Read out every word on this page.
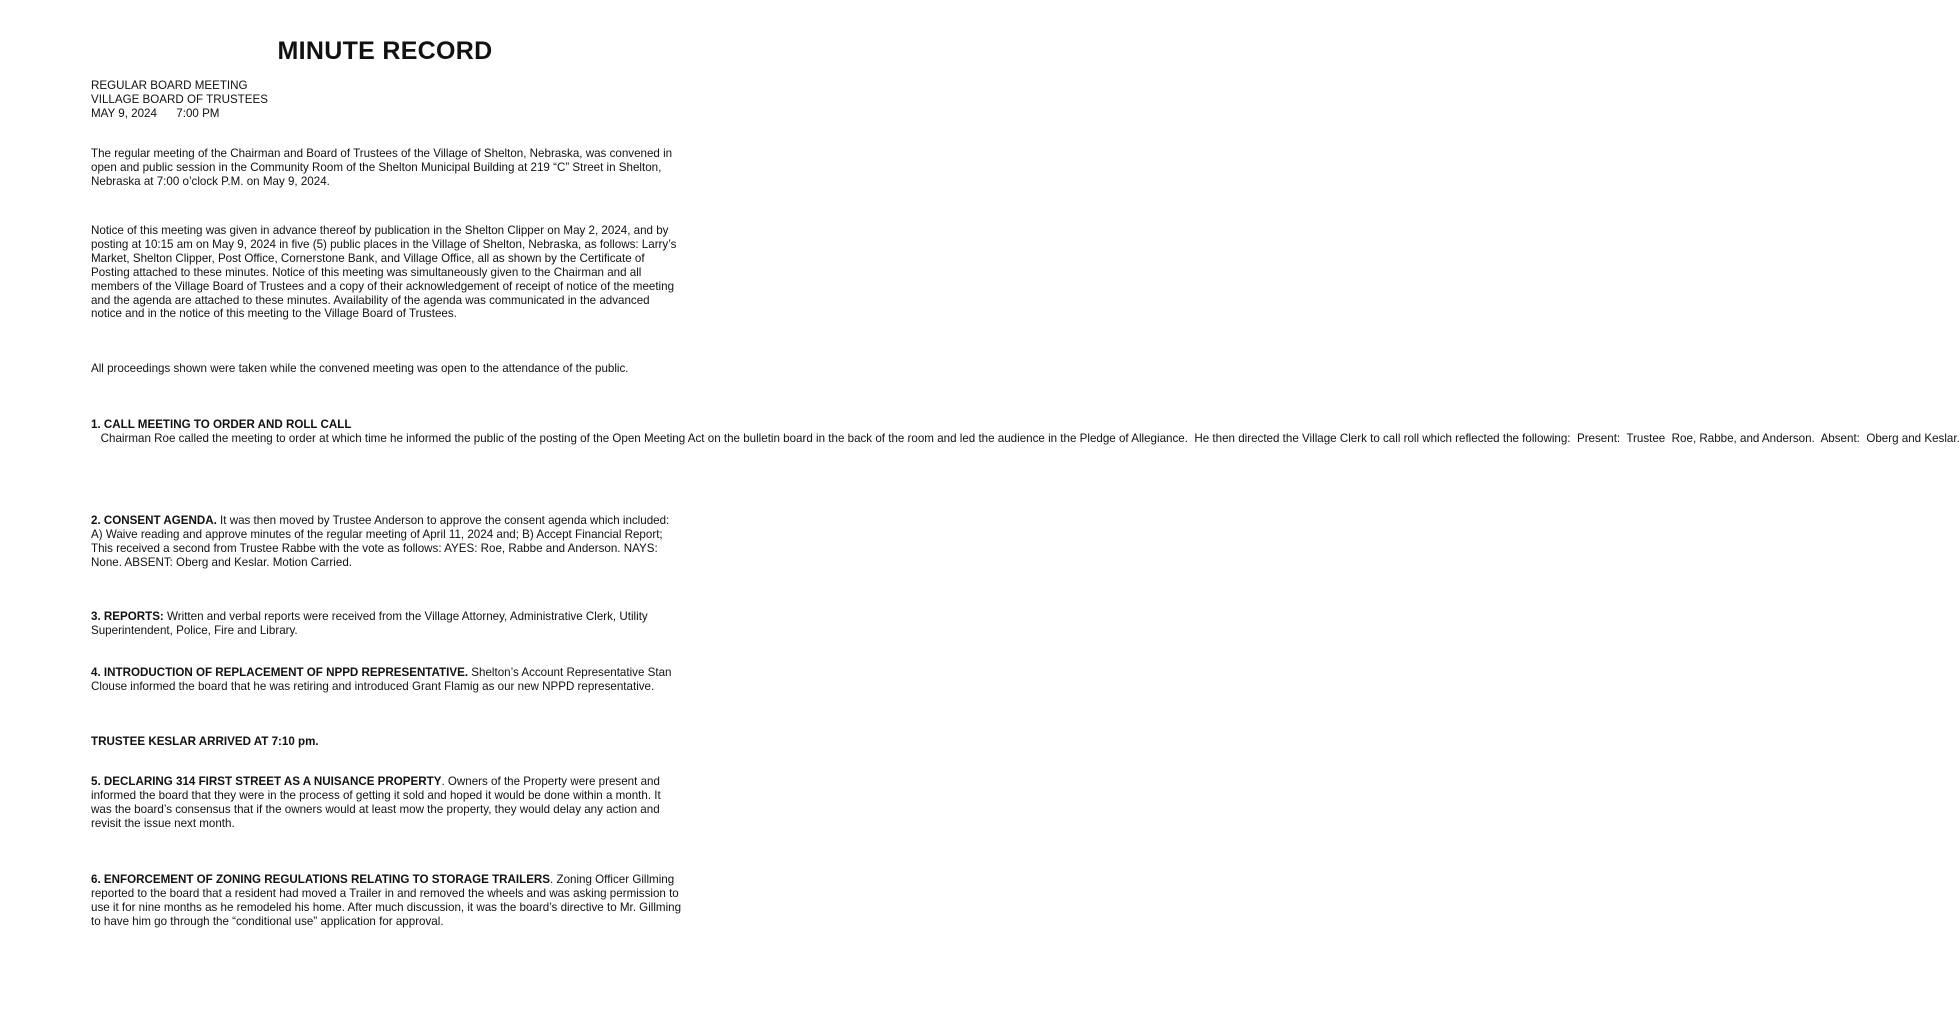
MINUTE RECORD
REGULAR BOARD MEETING
VILLAGE BOARD OF TRUSTEES
MAY 9, 2024      7:00 PM

The regular meeting of the Chairman and Board of Trustees of the Village of Shelton, Nebraska, was convened in open and public session in the Community Room of the Shelton Municipal Building at 219 “C” Street in Shelton, Nebraska at 7:00 o’clock P.M. on May 9, 2024.

Notice of this meeting was given in advance thereof by publication in the Shelton Clipper on May 2, 2024, and by posting at 10:15 am on May 9, 2024 in five (5) public places in the Village of Shelton, Nebraska, as follows: Larry’s Market, Shelton Clipper, Post Office, Cornerstone Bank, and Village Office, all as shown by the Certificate of Posting attached to these minutes. Notice of this meeting was simultaneously given to the Chairman and all members of the Village Board of Trustees and a copy of their acknowledgement of receipt of notice of the meeting and the agenda are attached to these minutes. Availability of the agenda was communicated in the advanced notice and in the notice of this meeting to the Village Board of Trustees.

All proceedings shown were taken while the convened meeting was open to the attendance of the public.

1. CALL MEETING TO ORDER AND ROLL CALL   Chairman Roe called the meeting to order at which time he informed the public of the posting of the Open Meeting Act on the bulletin board in the back of the room and led the audience in the Pledge of Allegiance.  He then directed the Village Clerk to call roll which reflected the following:  Present:  Trustee  Roe, Rabbe, and Anderson.  Absent:  Oberg and Keslar.

2. CONSENT AGENDA. It was then moved by Trustee Anderson to approve the consent agenda which included: A) Waive reading and approve minutes of the regular meeting of April 11, 2024 and; B) Accept Financial Report; This received a second from Trustee Rabbe with the vote as follows: AYES: Roe, Rabbe and Anderson. NAYS: None. ABSENT: Oberg and Keslar. Motion Carried.

3. REPORTS: Written and verbal reports were received from the Village Attorney, Administrative Clerk, Utility Superintendent, Police, Fire and Library.

4. INTRODUCTION OF REPLACEMENT OF NPPD REPRESENTATIVE. Shelton’s Account Representative Stan Clouse informed the board that he was retiring and introduced Grant Flamig as our new NPPD representative.

TRUSTEE KESLAR ARRIVED AT 7:10 pm.

5. DECLARING 314 FIRST STREET AS A NUISANCE PROPERTY. Owners of the Property were present and informed the board that they were in the process of getting it sold and hoped it would be done within a month. It was the board’s consensus that if the owners would at least mow the property, they would delay any action and revisit the issue next month.

6. ENFORCEMENT OF ZONING REGULATIONS RELATING TO STORAGE TRAILERS. Zoning Officer Gillming reported to the board that a resident had moved a Trailer in and removed the wheels and was asking permission to use it for nine months as he remodeled his home. After much discussion, it was the board’s directive to Mr. Gillming to have him go through the “conditional use” application for approval.
